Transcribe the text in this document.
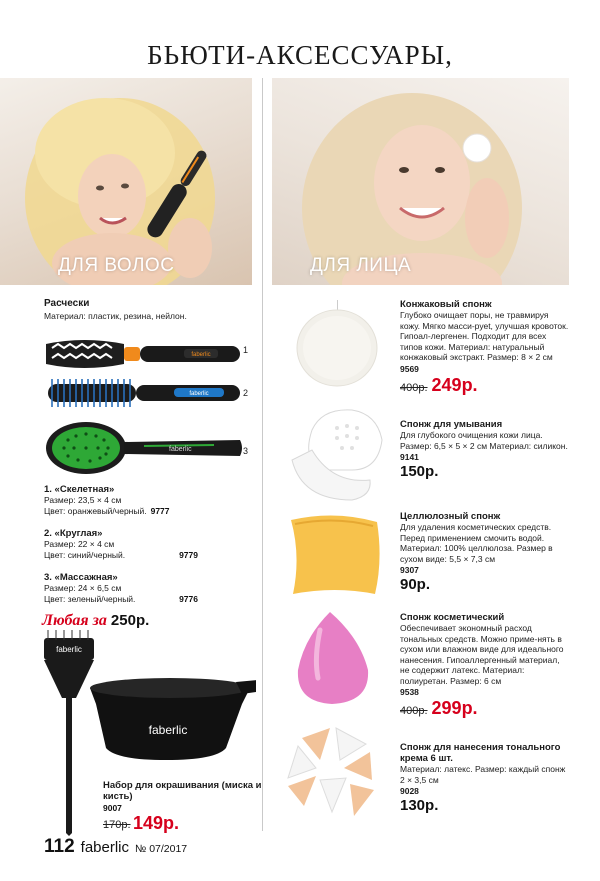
БЬЮТИ-АКСЕССУАРЫ,
ДЛЯ ВОЛОС	ДЛЯ ЛИЦА
Расчески
Материал: пластик, резина, нейлон.
faberlic	1
faberlic	2
faberlic	3
1. «Скелетная»
Размер: 23,5 × 4 см
Цвет: оранжевый/черный. 9777
2. «Круглая»
Размер: 22 × 4 см
Цвет: синий/черный.	9779
3. «Массажная»
Размер: 24 × 6,5 см
Цвет: зеленый/черный.	9776
Любая за 250р.
faberlic
faberlic
Набор для окрашивания (миска и кисть)
9007
170р. 149р.
112 faberlic № 07/2017
Конжаковый спонж
Глубоко очищает поры, не травмируя кожу. Мягко масси-руеt, улучшая кровоток. Гипоал-лергенен. Подходит для всех типов кожи. Материал: натуральный конжаковый экстракт. Размер: 8 × 2 см
9569
400р. 249р.
Спонж для умывания
Для глубокого очищения кожи лица. Размер: 6,5 × 5 × 2 см Материал: силикон.
9141
150р.
Целлюлозный спонж
Для удаления косметических средств. Перед применением смочить водой. Материал: 100% целлюлоза. Размер в сухом виде: 5,5 × 7,3 см
9307
90р.
Спонж косметический
Обеспечивает экономный расход тональных средств. Можно приме-нять в сухом или влажном виде для идеального нанесения. Гипоаллергенный материал, не содержит латекс. Материал: полиуретан. Размер: 6 см
9538
400р. 299р.
Спонж для нанесения тонального крема 6 шт.
Материал: латекс. Размер: каждый спонж 2 × 3,5 см
9028
130р.
